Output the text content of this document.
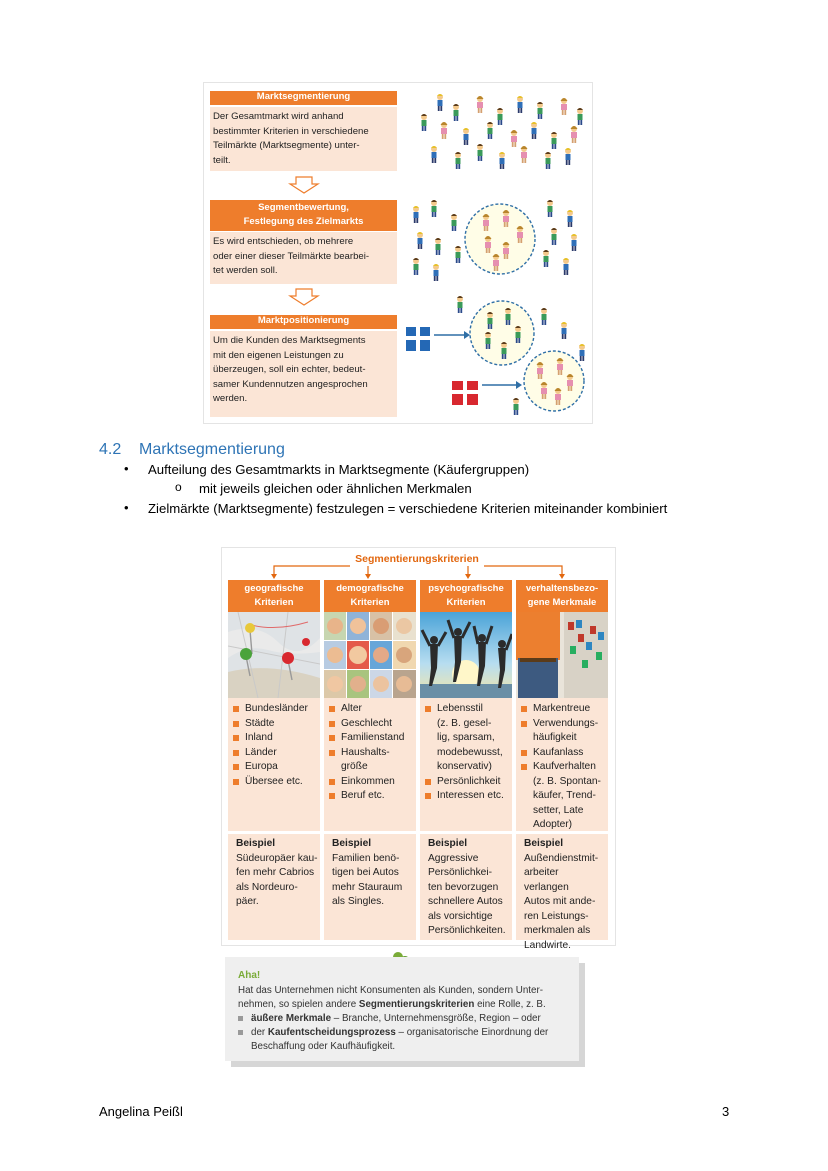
Marktsegmentierung
Der Gesamtmarkt wird anhand
bestimmter Kriterien in verschiedene
Teilmärkte (Marktsegmente) unter-
teilt.
Segmentbewertung,
Festlegung des Zielmarkts
Es wird entschieden, ob mehrere
oder einer dieser Teilmärkte bearbei-
tet werden soll.
Marktpositionierung
Um die Kunden des Marktsegments
mit den eigenen Leistungen zu
überzeugen, soll ein echter, bedeut-
samer Kundennutzen angesprochen
werden.
4.2 Marktsegmentierung
• Aufteilung des Gesamtmarkts in Marktsegmente (Käufergruppen)
o mit jeweils gleichen oder ähnlichen Merkmalen
• Zielmärkte (Marktsegmente) festzulegen = verschiedene Kriterien miteinander kombiniert
Segmentierungskriterien
geografische
Kriterien
Bundesländer
Städte
Inland
Länder
Europa
Übersee etc.
Beispiel
Südeuropäer kau-
fen mehr Cabrios
als Nordeuro-
päer.
demografische
Kriterien
Alter
Geschlecht
Familienstand
Haushalts-
größe
Einkommen
Beruf etc.
Beispiel
Familien benö-
tigen bei Autos
mehr Stauraum
als Singles.
psychografische
Kriterien
Lebensstil
(z. B. gesel-
lig, sparsam,
modebewusst,
konservativ)
Persönlichkeit
Interessen etc.
Beispiel
Aggressive
Persönlichkei-
ten bevorzugen
schnellere Autos
als vorsichtige
Persönlichkeiten.
verhaltensbezo-
gene Merkmale
Markentreue
Verwendungs-
häufigkeit
Kaufanlass
Kaufverhalten
(z. B. Spontan-
käufer, Trend-
setter, Late
Adopter)
Beispiel
Außendienstmit-
arbeiter verlangen
Autos mit ande-
ren Leistungs-
merkmalen als
Landwirte.
Aha!
Hat das Unternehmen nicht Konsumenten als Kunden, sondern Unter-
nehmen, so spielen andere Segmentierungskriterien eine Rolle, z. B.
äußere Merkmale – Branche, Unternehmensgröße, Region – oder
der Kaufentscheidungsprozess – organisatorische Einordnung der
Beschaffung oder Kaufhäufigkeit.
Angelina Peißl	3
